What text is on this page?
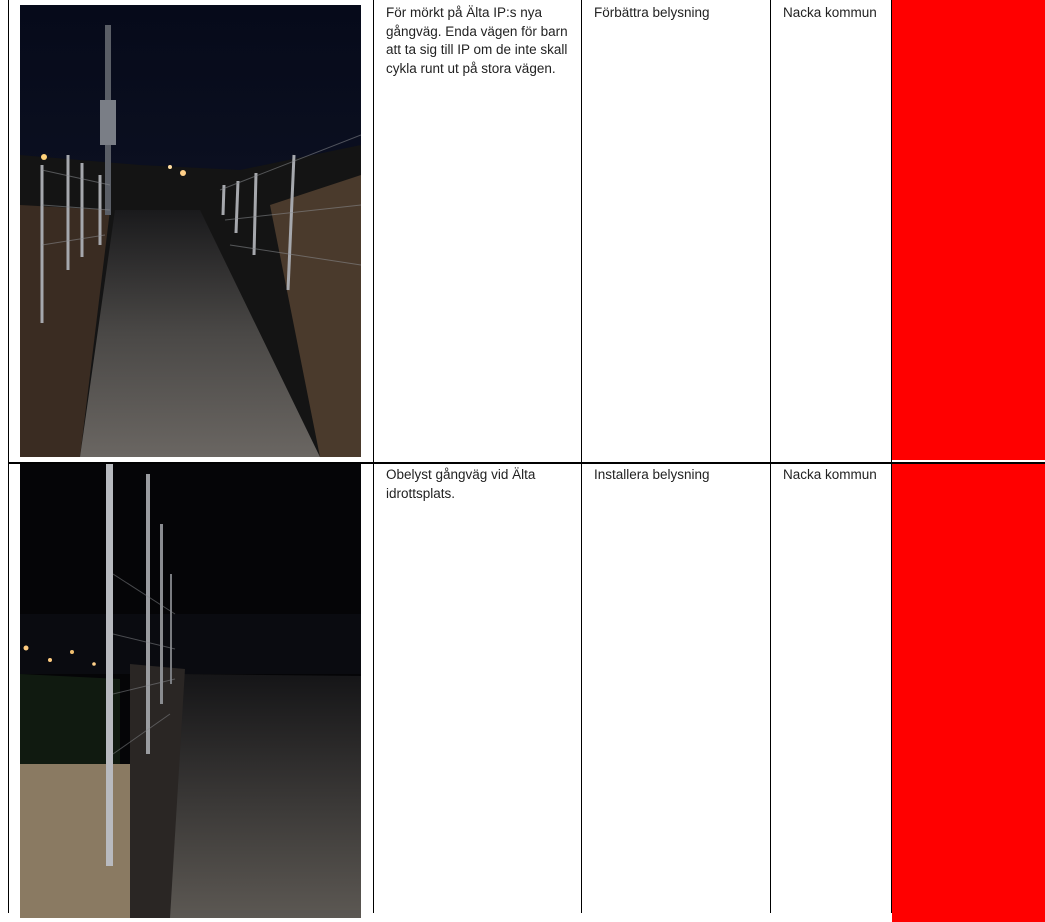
För mörkt på Älta IP:s nya gångväg. Enda vägen för barn att ta sig till IP om de inte skall cykla runt ut på stora vägen.
Förbättra belysning	Nacka kommun
Obelyst gångväg vid Älta idrottsplats.
Installera belysning	Nacka kommun
